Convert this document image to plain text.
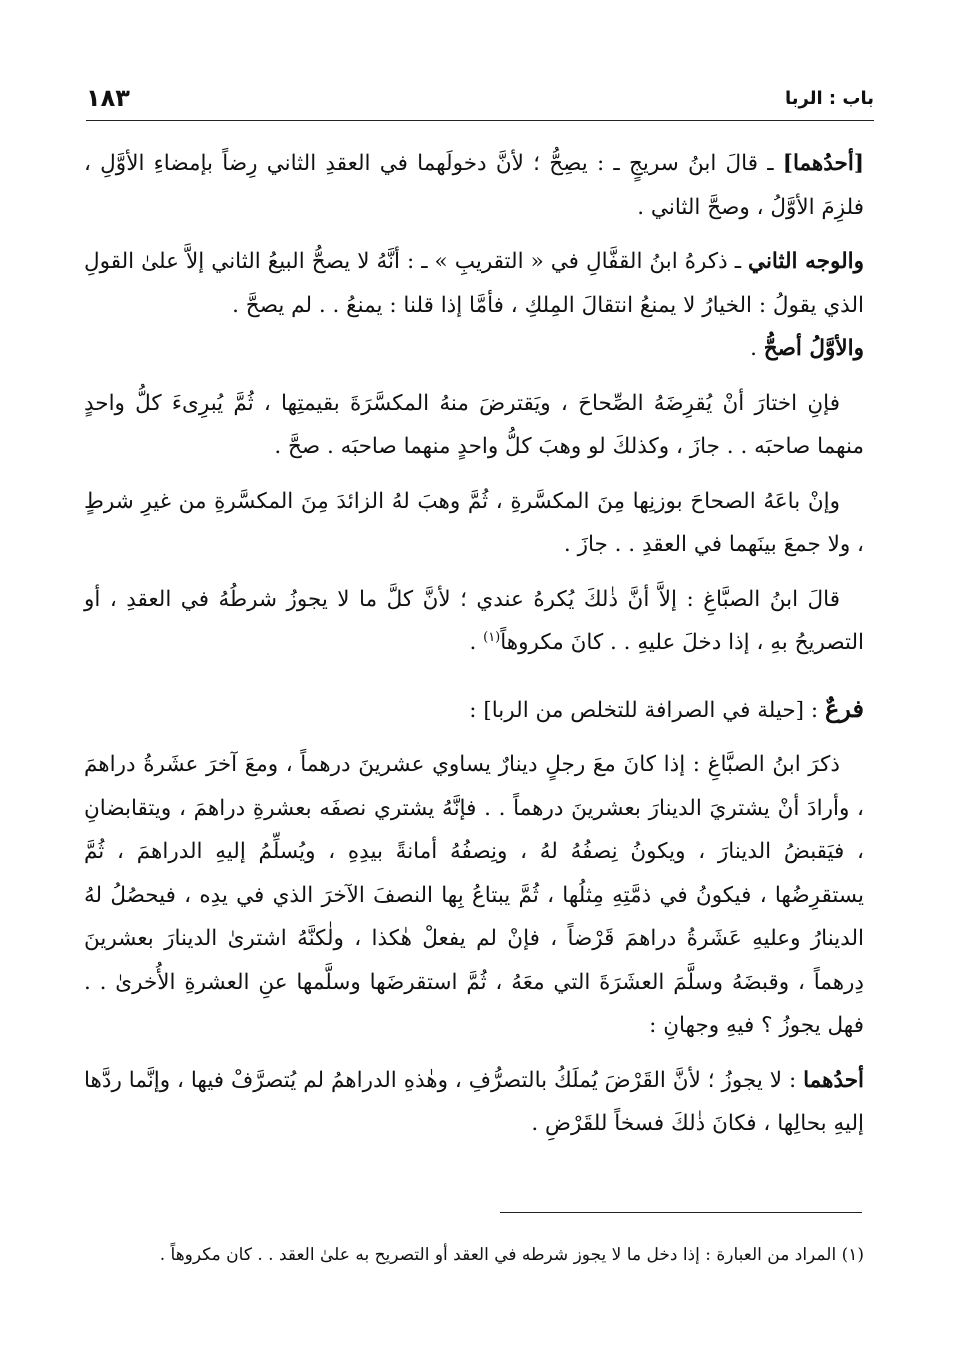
باب : الربا
١٨٣

[أحدُهما] ـ قالَ ابنُ سريجٍ ـ : يصِحُّ ؛ لأنَّ دخولَهما في العقدِ الثاني رِضاً بإمضاءِ الأوَّلِ ، فلزِمَ الأوَّلُ ، وصحَّ الثاني .

والوجه الثاني ـ ذكرهُ ابنُ القفَّالِ في « التقريبِ » ـ : أنَّهُ لا يصحُّ البيعُ الثاني إلاَّ علىٰ القولِ الذي يقولُ : الخيارُ لا يمنعُ انتقالَ المِلكِ ، فأمَّا إذا قلنا : يمنعُ . . لم يصحَّ .
والأوَّلُ أصحُّ .

فإنِ اختارَ أنْ يُقرِضَهُ الصِّحاحَ ، ويَقترضَ منهُ المكسَّرَةَ بقيمتِها ، ثُمَّ يُبرِىءَ كلُّ واحدٍ منهما صاحبَه . . جازَ ، وكذلكَ لو وهبَ كلُّ واحدٍ منهما صاحبَه . صحَّ .

وإنْ باعَهُ الصحاحَ بوزنِها مِنَ المكسَّرةِ ، ثُمَّ وهبَ لهُ الزائدَ مِنَ المكسَّرةِ من غيرِ شرطٍ ، ولا جمعَ بينَهما في العقدِ . . جازَ .

قالَ ابنُ الصبَّاغِ : إلاَّ أنَّ ذٰلكَ يُكرهُ عندي ؛ لأنَّ كلَّ ما لا يجوزُ شرطُهُ في العقدِ ، أو التصريحُ بهِ ، إذا دخلَ عليهِ . . كانَ مكروهاً$^{(١)}$ .

فرعٌ : [حيلة في الصرافة للتخلص من الربا] :

ذكرَ ابنُ الصبَّاغِ : إذا كانَ معَ رجلٍ دينارٌ يساوي عشرينَ درهماً ، ومعَ آخرَ عشَرةُ دراهمَ ، وأرادَ أنْ يشتريَ الدينارَ بعشرينَ درهماً . . فإنَّهُ يشتري نصفَه بعشرةِ دراهمَ ، ويتقابضانِ ، فيَقبضُ الدينارَ ، ويكونُ نِصفُهُ لهُ ، ونِصفُهُ أمانةً بيدِهِ ، ويُسلِّمُ إليهِ الدراهمَ ، ثُمَّ يستقرِضُها ، فيكونُ في ذمَّتِهِ مِثلُها ، ثُمَّ يبتاعُ بِها النصفَ الآخرَ الذي في يدِه ، فيحصُلُ لهُ الدينارُ وعليهِ عَشَرةُ دراهمَ قَرْضاً ، فإنْ لم يفعلْ هٰكذا ، ولٰكنَّهُ اشترىٰ الدينارَ بعشرينَ دِرهماً ، وقبضَهُ وسلَّمَ العشَرَةَ التي معَهُ ، ثُمَّ استقرضَها وسلَّمها عنِ العشرةِ الأُخرىٰ . . فهل يجوزُ ؟ فيهِ وجهانِ :

أحدُهما : لا يجوزُ ؛ لأنَّ القَرْضَ يُملَكُ بالتصرُّفِ ، وهٰذهِ الدراهمُ لم يُتصرَّفْ فيها ، وإنَّما ردَّها إليهِ بحالِها ، فكانَ ذٰلكَ فسخاً للقَرْضِ .

(١) المراد من العبارة : إذا دخل ما لا يجوز شرطه في العقد أو التصريح به علىٰ العقد . . كان مكروهاً .
